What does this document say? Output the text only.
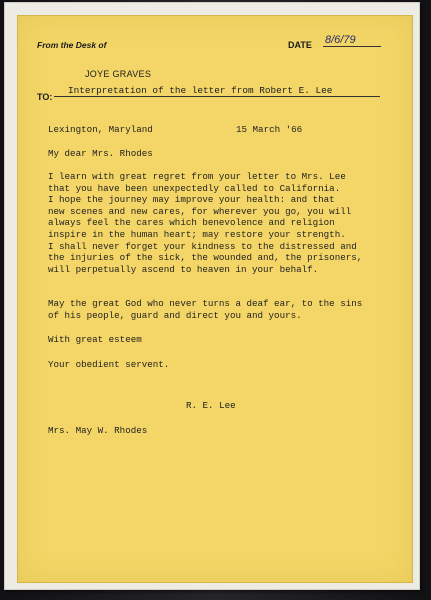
From the Desk of	DATE 8/6/79
JOYE GRAVES
TO:
Interpretation of the letter from Robert E. Lee
Lexington, Maryland	15 March '66
My dear Mrs. Rhodes
I learn with great regret from your letter to Mrs. Lee
that you have been unexpectedly called to California.
I hope the journey may improve your health: and that
new scenes and new cares, for wherever you go, you will
always feel the cares which benevolence and religion
inspire in the human heart; may restore your strength.
I shall never forget your kindness to the distressed and
the injuries of the sick, the wounded and, the prisoners,
will perpetually ascend to heaven in your behalf.
May the great God who never turns a deaf ear, to the sins
of his people, guard and direct you and yours.
With great esteem
Your obedient servent.
R. E. Lee
Mrs. May W. Rhodes
